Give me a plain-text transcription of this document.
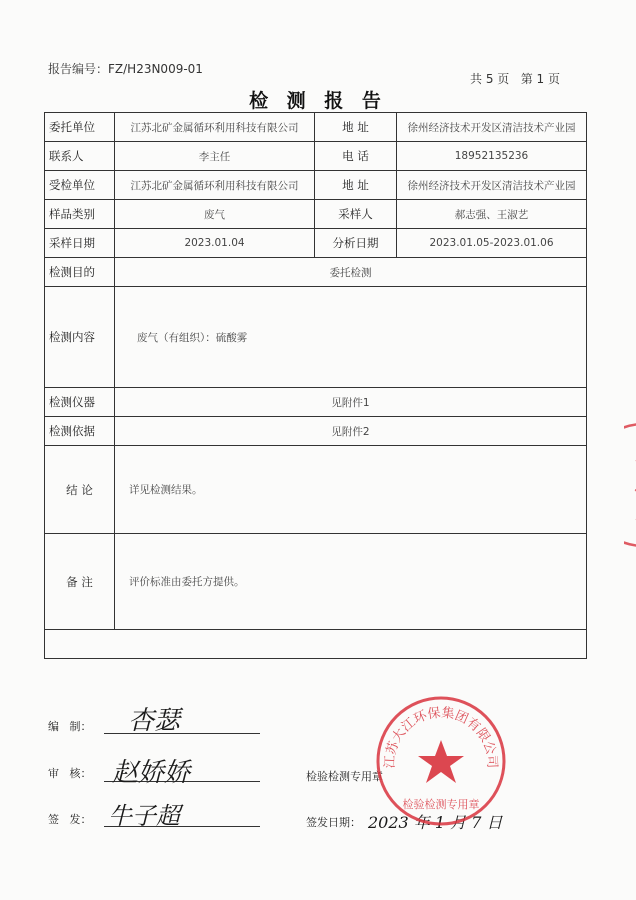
报告编号：FZ/H23N009-01
共 5 页   第 1 页
检 测 报 告
委托单位	江苏北矿金属循环利用科技有限公司	地 址	徐州经济技术开发区清洁技术产业园
联系人	李主任	电 话	18952135236
受检单位	江苏北矿金属循环利用科技有限公司	地 址	徐州经济技术开发区清洁技术产业园
样品类别	废气	采样人	郝志强、王淑艺
采样日期	2023.01.04	分析日期	2023.01.05-2023.01.06
检测目的	委托检测		
检测内容	废气（有组织）：硫酸雾		
检测仪器	见附件1		
检测依据	见附件2		
结 论	详见检测结果。		
备 注	评价标准由委托方提供。		

编   制： 杏瑟
审   核： 赵娇娇
签   发： 牛子超
检验检测专用章
签发日期： 2023 年 1 月 7 日
江苏大江环保集团有限公司
检验检测专用章
